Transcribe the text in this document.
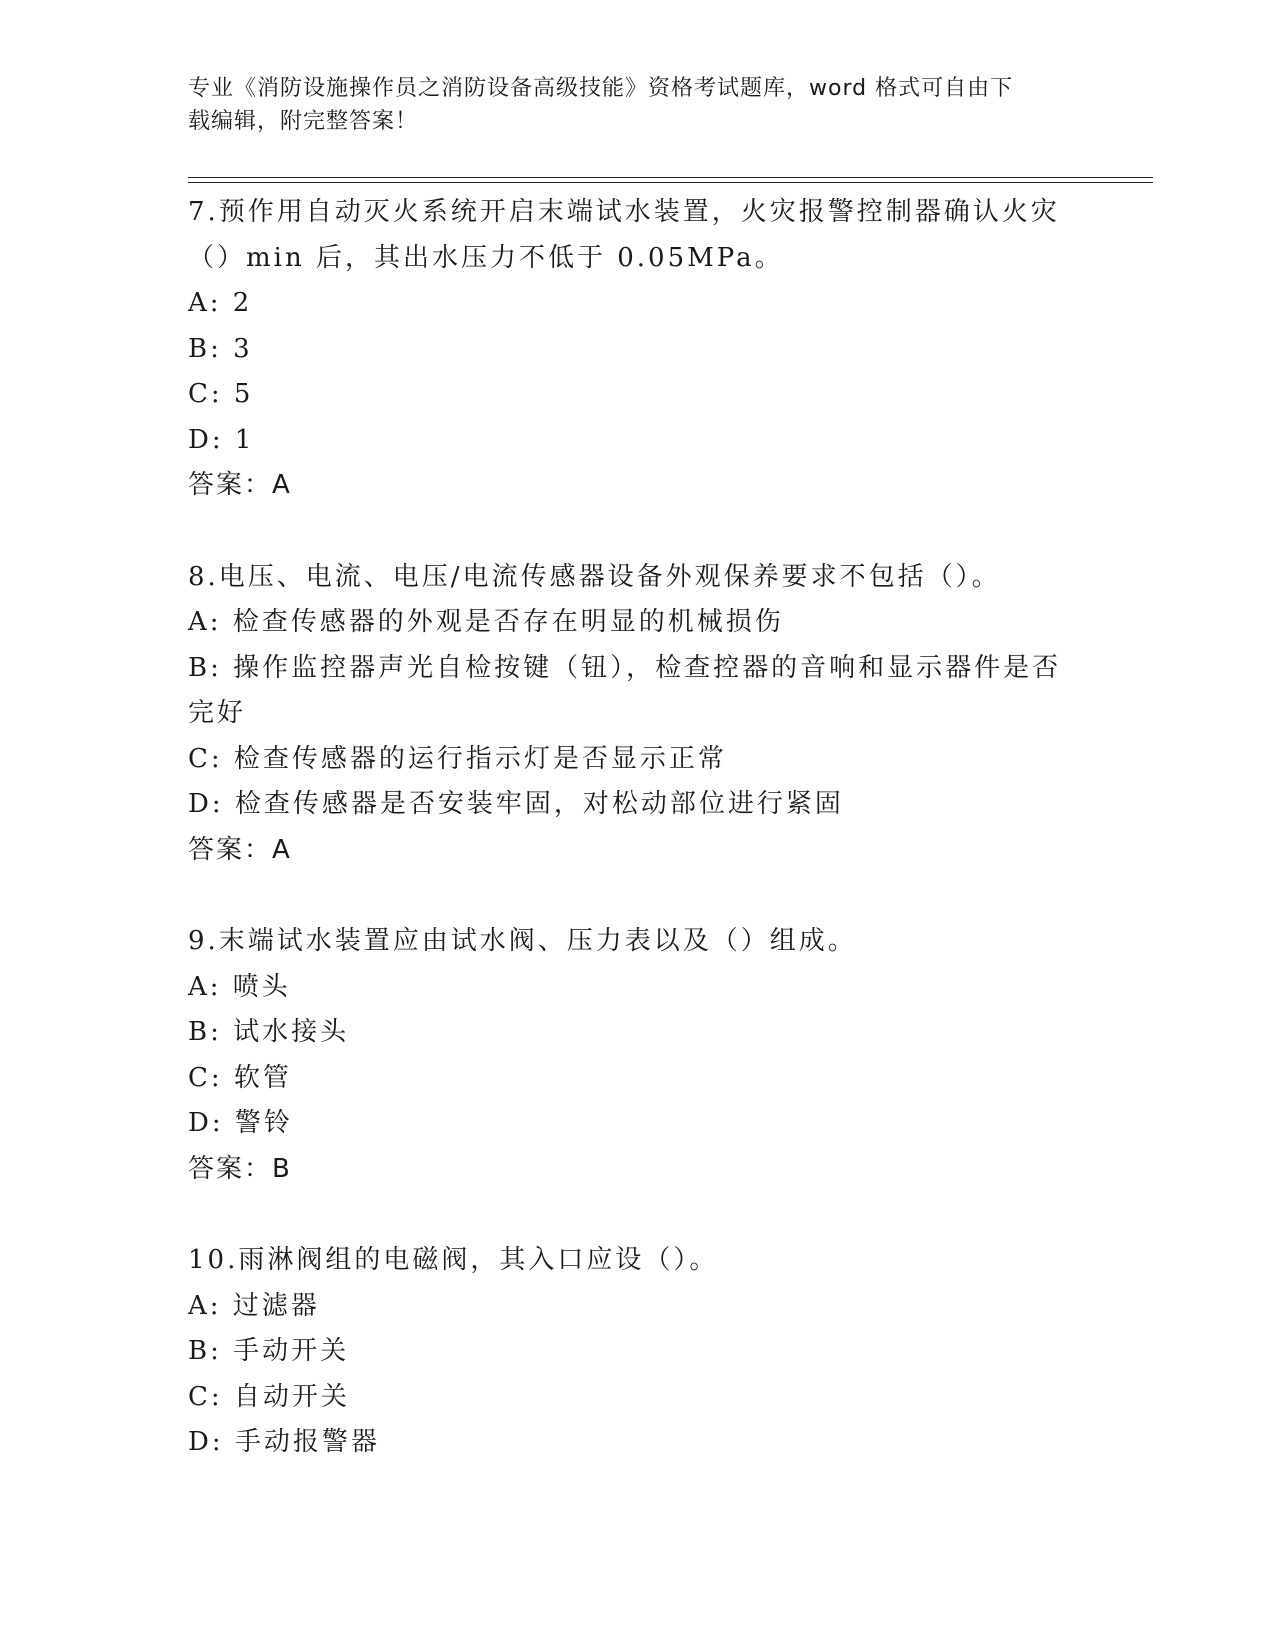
专业《消防设施操作员之消防设备高级技能》资格考试题库，word 格式可自由下
载编辑，附完整答案！
7.预作用自动灭火系统开启末端试水装置，火灾报警控制器确认火灾
（）min 后，其出水压力不低于 0.05MPa。
A: 2
B: 3
C: 5
D: 1
答案：A
8.电压、电流、电压/电流传感器设备外观保养要求不包括（）。
A: 检查传感器的外观是否存在明显的机械损伤
B: 操作监控器声光自检按键（钮），检查控器的音响和显示器件是否
完好
C: 检查传感器的运行指示灯是否显示正常
D: 检查传感器是否安装牢固，对松动部位进行紧固
答案：A
9.末端试水装置应由试水阀、压力表以及（）组成。
A: 喷头
B: 试水接头
C: 软管
D: 警铃
答案：B
10.雨淋阀组的电磁阀，其入口应设（）。
A: 过滤器
B: 手动开关
C: 自动开关
D: 手动报警器
